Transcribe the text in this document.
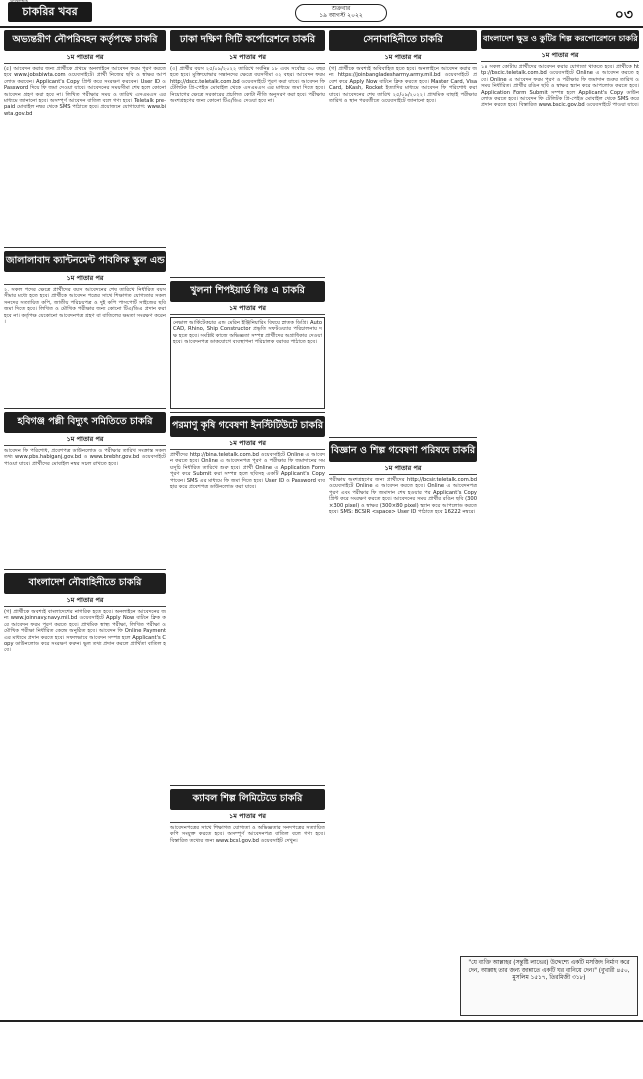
চাকরির খবর	শুক্রবার
১৯ আগস্ট ২০২২	০৩
অভ্যন্তরীণ নৌপরিবহন কর্তৃপক্ষে চাকরি
১ম পাতার পর
(৫) আবেদন করার জন্য প্রার্থীকে প্রথমে অনলাইনে আবেদন ফরম পূরণ করতে হবে www.jobsbiwta.com ওয়েবসাইটে। প্রার্থী নিজের ছবি ও স্বাক্ষর আপলোড করবেন। Applicant's Copy প্রিন্ট করে সংরক্ষণ করবেন। User ID ও Password দিয়ে ফি জমা দেওয়া যাবে। আবেদনের সময়সীমা শেষ হলে কোনো আবেদন গ্রহণ করা হবে না। লিখিত পরীক্ষার সময় ও তারিখ এসএমএস এর মাধ্যমে জানানো হবে। অসম্পূর্ণ আবেদন বাতিল বলে গণ্য হবে। Teletalk pre-paid মোবাইল নম্বর থেকে SMS পাঠাতে হবে। প্রয়োজনে যোগাযোগ: www.biwta.gov.bd
জালালাবাদ ক্যান্টনমেন্ট পাবলিক স্কুল এন্ড কলেজে চাকরি
১ম পাতার পর
২. সকল পদের ক্ষেত্রে প্রার্থীদের বয়স আবেদনের শেষ তারিখে নির্ধারিত বয়সসীমার মধ্যে হতে হবে। প্রার্থীকে আবেদন পত্রের সাথে শিক্ষাগত যোগ্যতার সকল সনদের সত্যায়িত কপি, জাতীয় পরিচয়পত্র ও দুই কপি পাসপোর্ট সাইজের ছবি জমা দিতে হবে। লিখিত ও মৌখিক পরীক্ষার জন্য কোনো টিএ/ডিএ প্রদান করা হবে না। কর্তৃপক্ষ যেকোনো আবেদনপত্র গ্রহণ বা বাতিলের ক্ষমতা সংরক্ষণ করেন।
হবিগঞ্জ পল্লী বিদ্যুৎ সমিতিতে চাকরি
১ম পাতার পর
আবেদন ফি পরিশোধ, প্রবেশপত্র ডাউনলোড ও পরীক্ষার তারিখ সংক্রান্ত সকল তথ্য www.pbs.habiganj.gov.bd ও www.brebhr.gov.bd ওয়েবসাইটে পাওয়া যাবে। প্রার্থীদের মোবাইল নম্বর সচল রাখতে হবে।
বাংলাদেশ নৌবাহিনীতে চাকরি
১ম পাতার পর
(গ) প্রার্থীকে অবশ্যই বাংলাদেশের নাগরিক হতে হবে। অনলাইনে আবেদনের জন্য www.joinnavy.navy.mil.bd ওয়েবসাইটে Apply Now বাটনে ক্লিক করে আবেদন ফরম পূরণ করতে হবে। প্রাথমিক স্বাস্থ্য পরীক্ষা, লিখিত পরীক্ষা ও মৌখিক পরীক্ষা নির্ধারিত কেন্দ্রে অনুষ্ঠিত হবে। আবেদন ফি Online Payment এর মাধ্যমে প্রদান করতে হবে। সফলভাবে আবেদন সম্পন্ন হলে Applicant's Copy ডাউনলোড করে সংরক্ষণ করুন। ভুল তথ্য প্রদান করলে প্রার্থিতা বাতিল হবে।
ঢাকা দক্ষিণ সিটি কর্পোরেশনে চাকরি
১ম পাতার পর
(৩) প্রার্থীর বয়স ২৫/০৯/২০২২ তারিখে সর্বনিম্ন ১৮ এবং সর্বোচ্চ ৩০ বছর হতে হবে। মুক্তিযোদ্ধার সন্তানদের ক্ষেত্রে বয়সসীমা ৩২ বছর। আবেদন ফরম http://dscc.teletalk.com.bd ওয়েবসাইটে পূরণ করা যাবে। আবেদন ফি টেলিটক প্রি-পেইড মোবাইল থেকে এসএমএস এর মাধ্যমে জমা দিতে হবে। নিয়োগের ক্ষেত্রে সরকারের প্রচলিত কোটা নীতি অনুসরণ করা হবে। পরীক্ষায় অংশগ্রহণের জন্য কোনো টিএ/ডিএ দেওয়া হবে না।
খুলনা শিপইয়ার্ড লিঃ এ চাকরি
১ম পাতার পর
নেভাল আর্কিটেকচার এন্ড মেরিন ইঞ্জিনিয়ারিং বিষয়ে স্নাতক ডিগ্রি। AutoCAD, Rhino, Ship Constructor প্রভৃতি সফটওয়্যার পরিচালনায় দক্ষ হতে হবে। সংশ্লিষ্ট কাজে অভিজ্ঞতা সম্পন্ন প্রার্থীদের অগ্রাধিকার দেওয়া হবে। আবেদনপত্র ডাকযোগে ব্যবস্থাপনা পরিচালক বরাবর পাঠাতে হবে।
পরমাণু কৃষি গবেষণা ইনস্টিটিউটে চাকরি
১ম পাতার পর
প্রার্থীদের http://bina.teletalk.com.bd ওয়েবসাইটে Online এ আবেদন করতে হবে। Online এ আবেদনপত্র পূরণ ও পরীক্ষার ফি জমাদানের সময়সূচি নির্ধারিত তারিখে শুরু হবে। প্রার্থী Online এ Application Form পূরণ করে Submit করা সম্পন্ন হলে ছবিসহ একটি Applicant's Copy পাবেন। SMS এর মাধ্যমে ফি জমা দিতে হবে। User ID ও Password ব্যবহার করে প্রবেশপত্র ডাউনলোড করা যাবে।
ক্যাবল শিল্প লিমিটেডে চাকরি
১ম পাতার পর
আবেদনপত্রের সাথে শিক্ষাগত যোগ্যতা ও অভিজ্ঞতার সনদপত্রের সত্যায়িত কপি সংযুক্ত করতে হবে। অসম্পূর্ণ আবেদনপত্র বাতিল বলে গণ্য হবে। বিস্তারিত তথ্যের জন্য www.bcsl.gov.bd ওয়েবসাইট দেখুন।
সেনাবাহিনীতে চাকরি
১ম পাতার পর
(গ) প্রার্থীকে অবশ্যই অবিবাহিত হতে হবে। অনলাইনে আবেদন করার জন্য https://joinbangladesharmy.army.mil.bd ওয়েবসাইটে প্রবেশ করে Apply Now বাটনে ক্লিক করতে হবে। Master Card, Visa Card, bKash, Rocket ইত্যাদির মাধ্যমে আবেদন ফি পরিশোধ করা যাবে। আবেদনের শেষ তারিখ ২৫/০৯/২০২২। প্রাথমিক বাছাই পরীক্ষার তারিখ ও স্থান পরবর্তীতে ওয়েবসাইটে জানানো হবে।
বিজ্ঞান ও শিল্প গবেষণা পরিষদে চাকরি
১ম পাতার পর
পরীক্ষায় অংশগ্রহণের জন্য প্রার্থীদের http://bcsir.teletalk.com.bd ওয়েবসাইটে Online এ আবেদন করতে হবে। Online এ আবেদনপত্র পূরণ এবং পরীক্ষার ফি জমাদান শেষ হওয়ার পর Applicant's Copy প্রিন্ট করে সংরক্ষণ করতে হবে। আবেদনের সময় প্রার্থীর রঙিন ছবি (300×300 pixel) ও স্বাক্ষর (300×80 pixel) স্ক্যান করে আপলোড করতে হবে। SMS: BCSIR <space> User ID পাঠাতে হবে 16222 নম্বরে।
বাংলাদেশ ক্ষুদ্র ও কুটির শিল্প করপোরেশনে চাকরি
১ম পাতার পর
১৪ সকল কোটায় প্রার্থীদের আবেদন করার যোগ্যতা থাকতে হবে। প্রার্থীকে http://bscic.teletalk.com.bd ওয়েবসাইটে Online এ আবেদন করতে হবে। Online এ আবেদন ফরম পূরণ ও পরীক্ষার ফি জমাদান শুরুর তারিখ ও সময় নির্ধারিত। প্রার্থীর রঙিন ছবি ও স্বাক্ষর স্ক্যান করে আপলোড করতে হবে। Application Form Submit সম্পন্ন হলে Applicant's Copy ডাউনলোড করতে হবে। আবেদন ফি টেলিটক প্রি-পেইড মোবাইল থেকে SMS করে প্রদান করতে হবে। বিস্তারিত www.bscic.gov.bd ওয়েবসাইটে পাওয়া যাবে।
"যে ব্যক্তি আল্লাহর (সন্তুষ্টি লাভের) উদ্দেশ্যে একটি মসজিদ নির্মাণ করে দেন, আল্লাহ তার জন্য জান্নাতে একটি ঘর বানিয়ে দেন।" (বুখারী ৪৫০, মুসলিম ১৫১৭, তিরমিজী ৩১৮)
